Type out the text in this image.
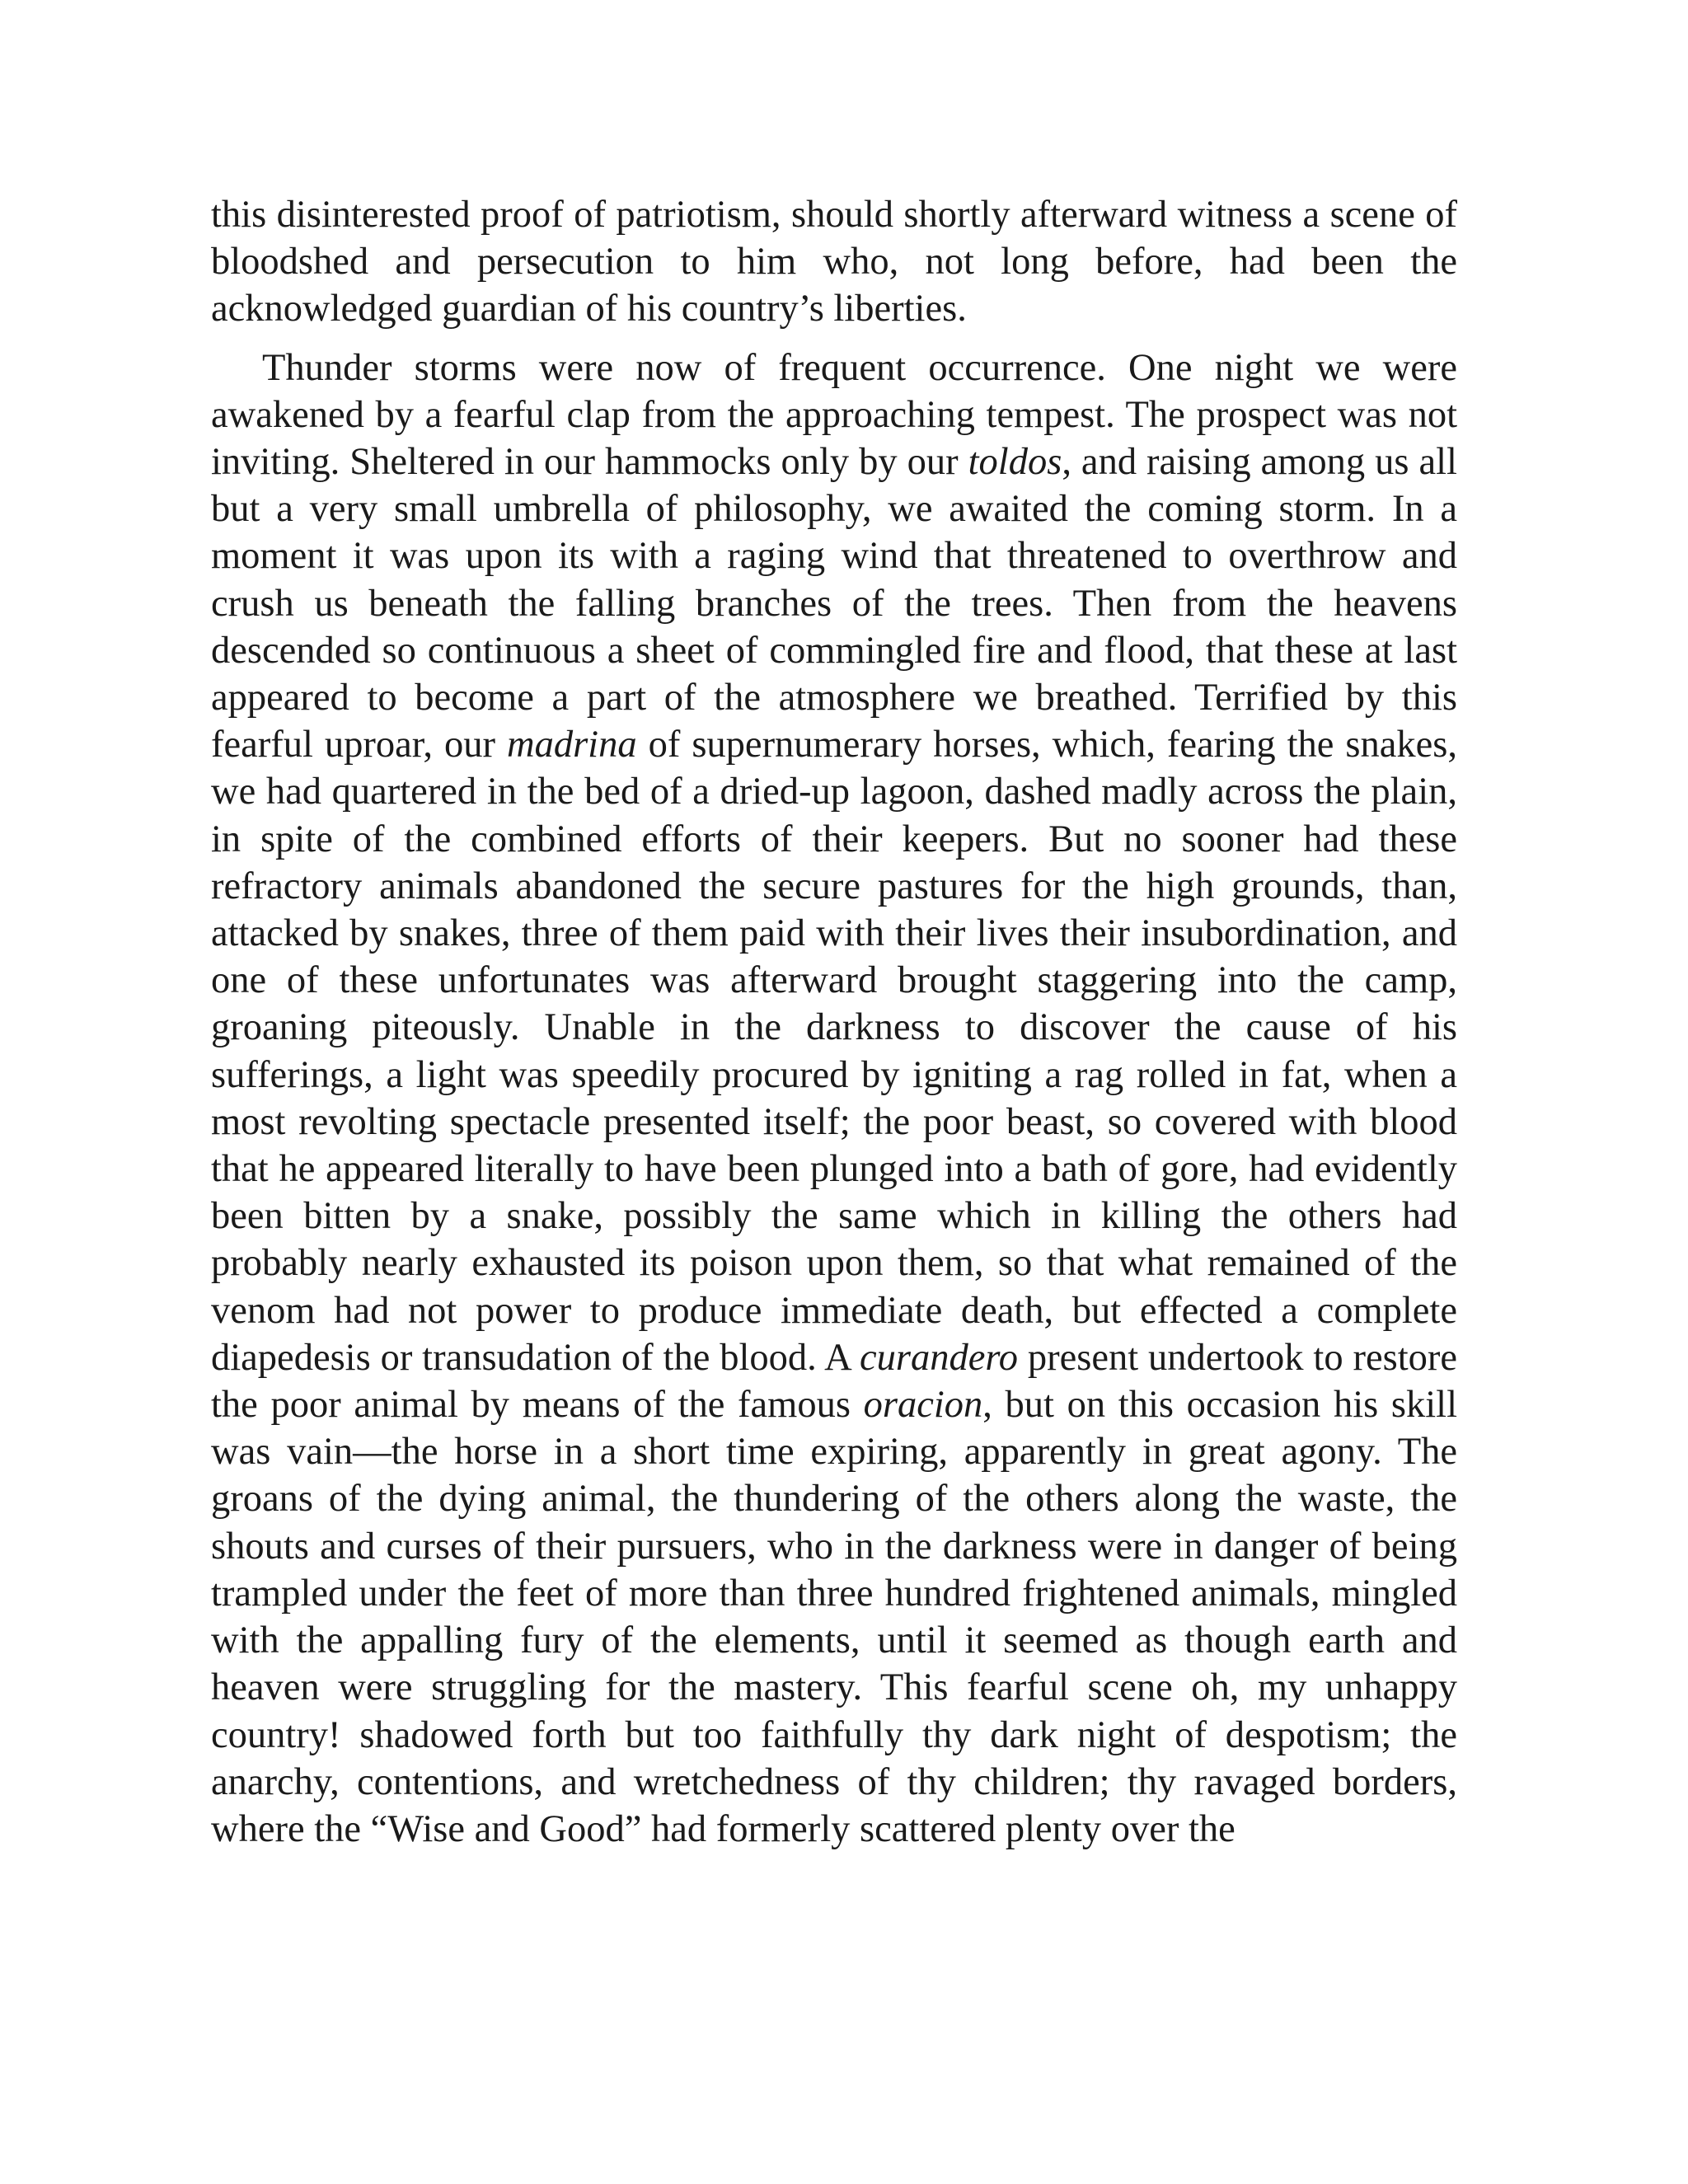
this disinterested proof of patriotism, should shortly afterward witness a scene of bloodshed and persecution to him who, not long before, had been the acknowledged guardian of his country’s liberties.

Thunder storms were now of frequent occurrence. One night we were awakened by a fearful clap from the approaching tempest. The prospect was not inviting. Sheltered in our hammocks only by our toldos, and raising among us all but a very small umbrella of philosophy, we awaited the coming storm. In a moment it was upon its with a raging wind that threatened to overthrow and crush us beneath the falling branches of the trees. Then from the heavens descended so continuous a sheet of commingled fire and flood, that these at last appeared to become a part of the atmosphere we breathed. Terrified by this fearful uproar, our madrina of supernumerary horses, which, fearing the snakes, we had quartered in the bed of a dried-up lagoon, dashed madly across the plain, in spite of the combined efforts of their keepers. But no sooner had these refractory animals abandoned the secure pastures for the high grounds, than, attacked by snakes, three of them paid with their lives their insubordination, and one of these unfortunates was afterward brought staggering into the camp, groaning piteously. Unable in the darkness to discover the cause of his sufferings, a light was speedily procured by igniting a rag rolled in fat, when a most revolting spectacle presented itself; the poor beast, so covered with blood that he appeared literally to have been plunged into a bath of gore, had evidently been bitten by a snake, possibly the same which in killing the others had probably nearly exhausted its poison upon them, so that what remained of the venom had not power to produce immediate death, but effected a complete diapedesis or transudation of the blood. A curandero present undertook to restore the poor animal by means of the famous oracion, but on this occasion his skill was vain—the horse in a short time expiring, apparently in great agony. The groans of the dying animal, the thundering of the others along the waste, the shouts and curses of their pursuers, who in the darkness were in danger of being trampled under the feet of more than three hundred frightened animals, mingled with the appalling fury of the elements, until it seemed as though earth and heaven were struggling for the mastery. This fearful scene oh, my unhappy country! shadowed forth but too faithfully thy dark night of despotism; the anarchy, contentions, and wretchedness of thy children; thy ravaged borders, where the “Wise and Good” had formerly scattered plenty over the
